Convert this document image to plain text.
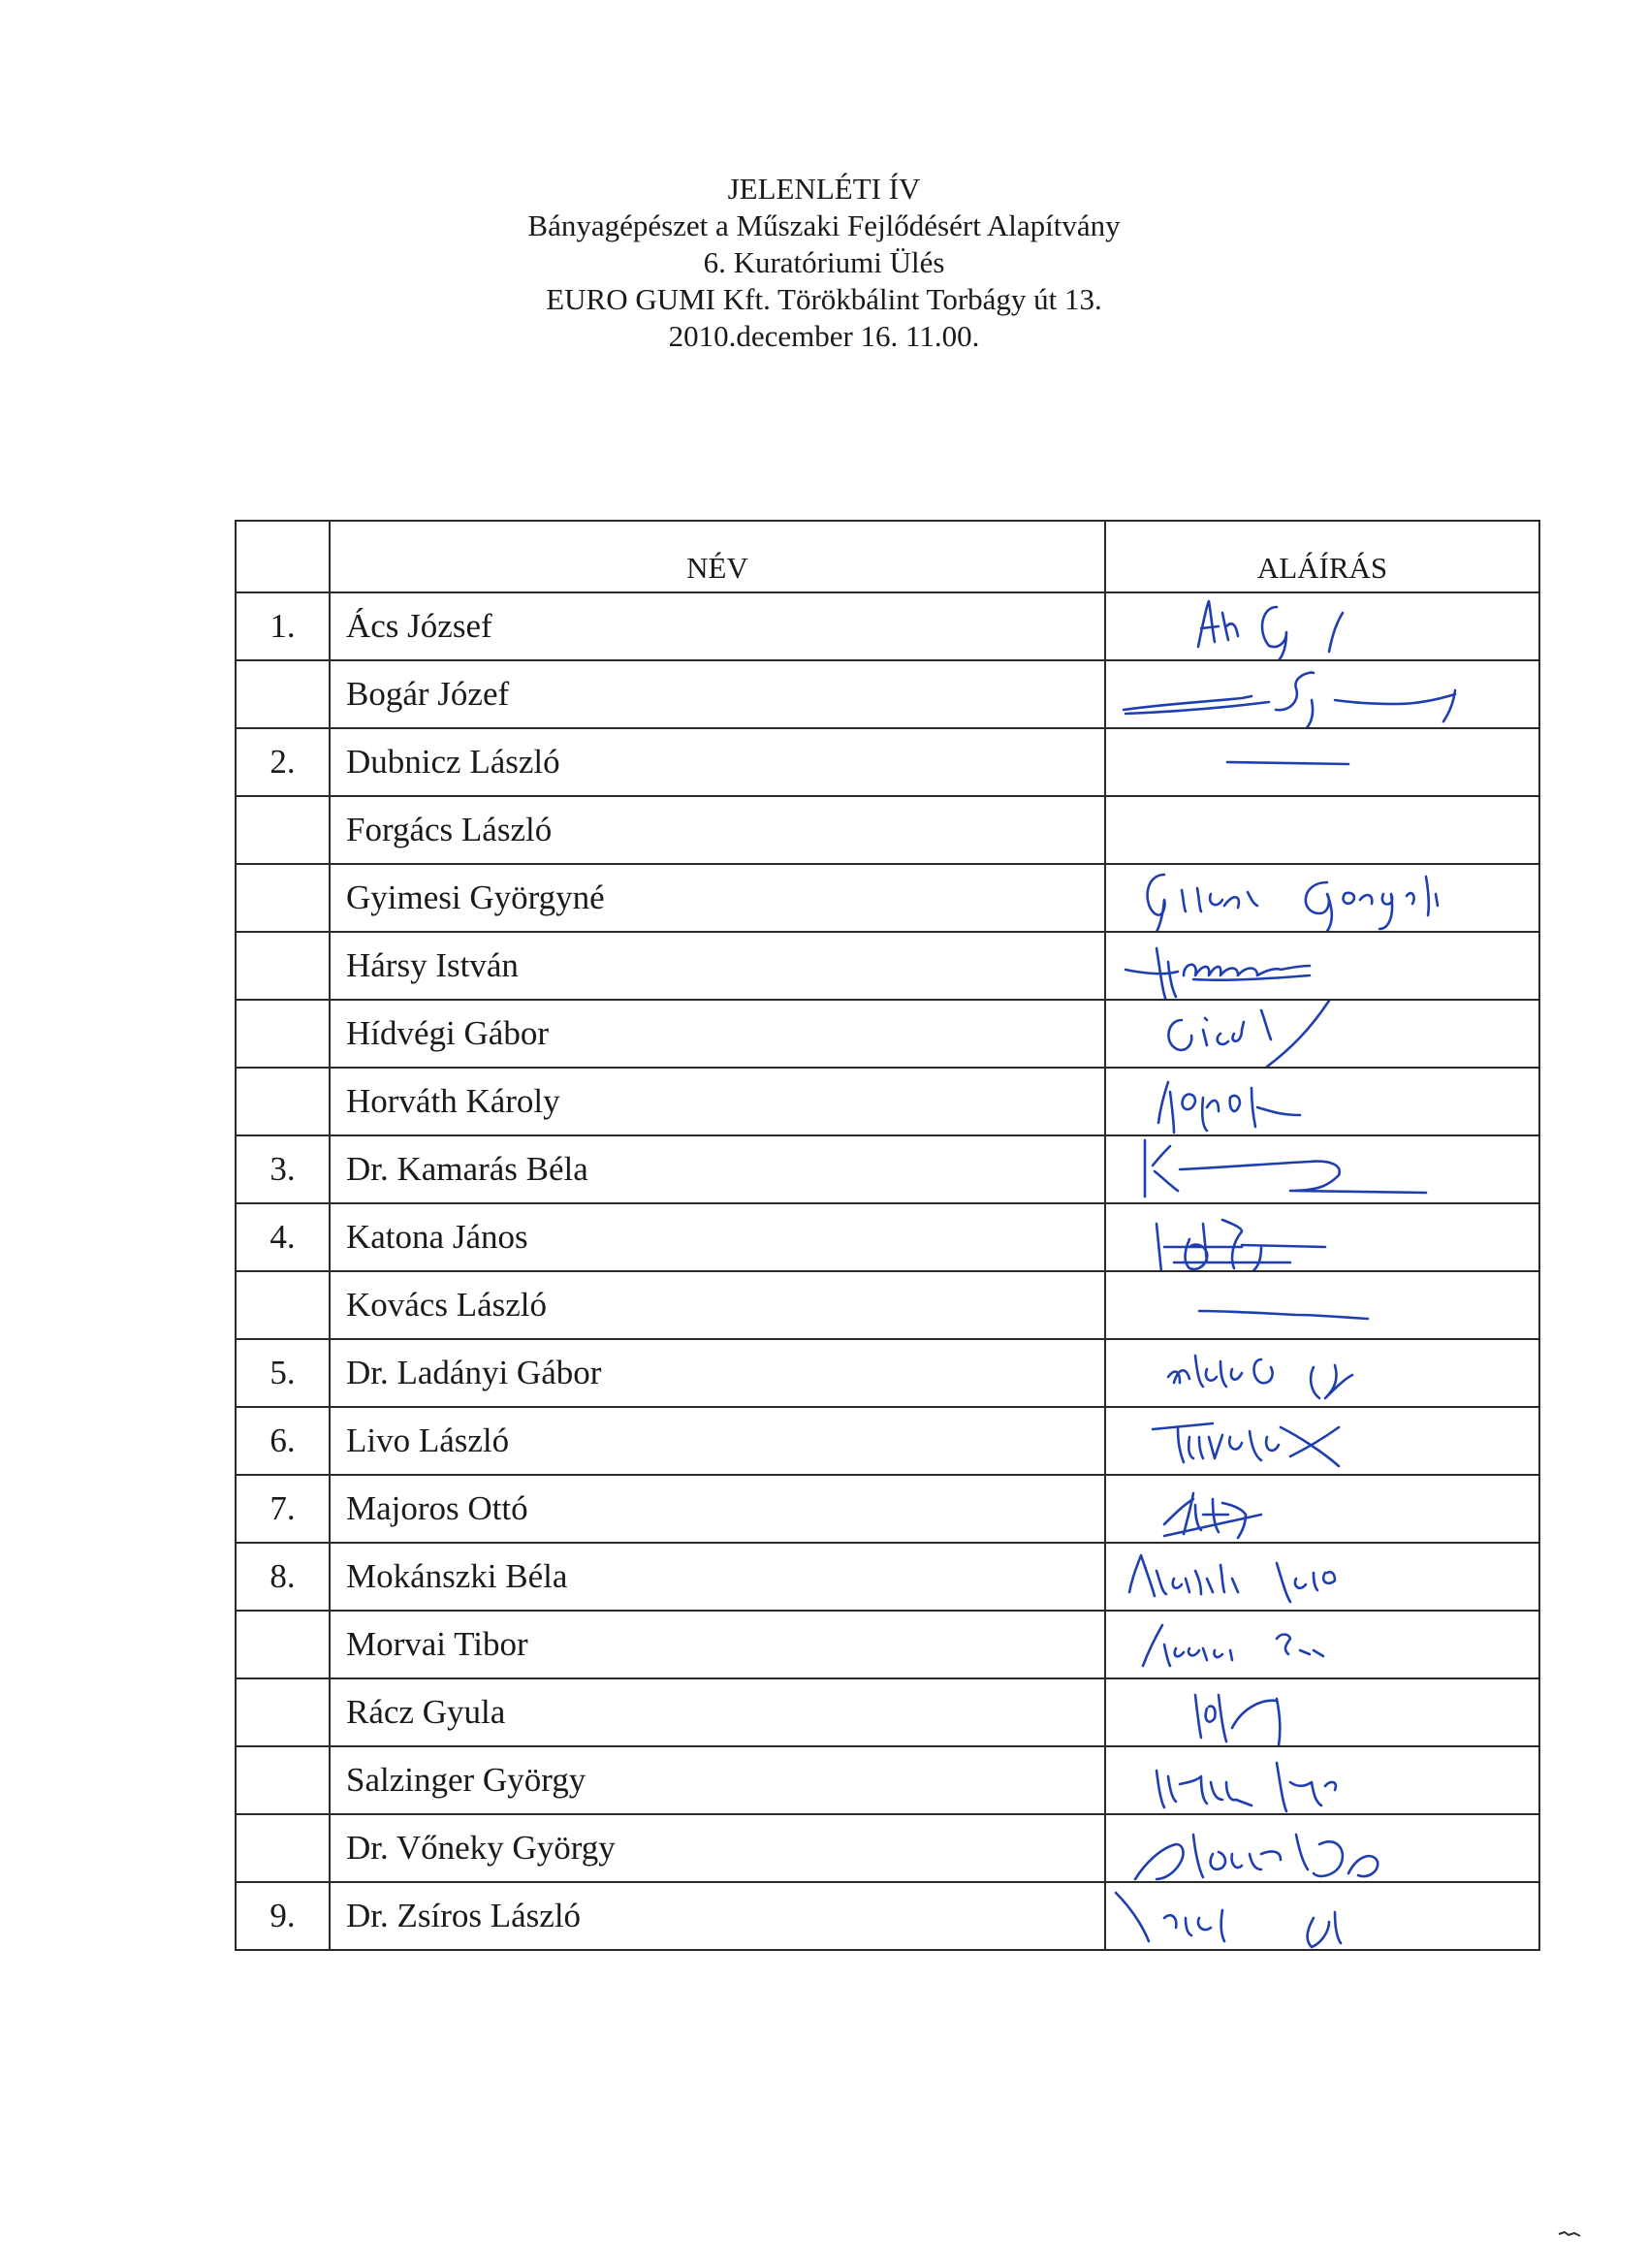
JELENLÉTI ÍV
Bányagépészet a Műszaki Fejlődésért Alapítvány
6. Kuratóriumi Ülés
EURO GUMI Kft. Törökbálint Torbágy út 13.
2010.december 16. 11.00.
	NÉV	ALÁÍRÁS
1.	Ács József	

	Bogár Józef	

2.	Dubnicz László	

	Forgács László	
	Gyimesi Györgyné	

	Hársy István	

	Hídvégi Gábor	

	Horváth Károly	

3.	Dr. Kamarás Béla	

4.	Katona János	

	Kovács László	

5.	Dr. Ladányi Gábor	

6.	Livo László	

7.	Majoros Ottó	

8.	Mokánszki Béla	

	Morvai Tibor	

	Rácz Gyula	

	Salzinger György	

	Dr. Vőneky György	

9.	Dr. Zsíros László	
